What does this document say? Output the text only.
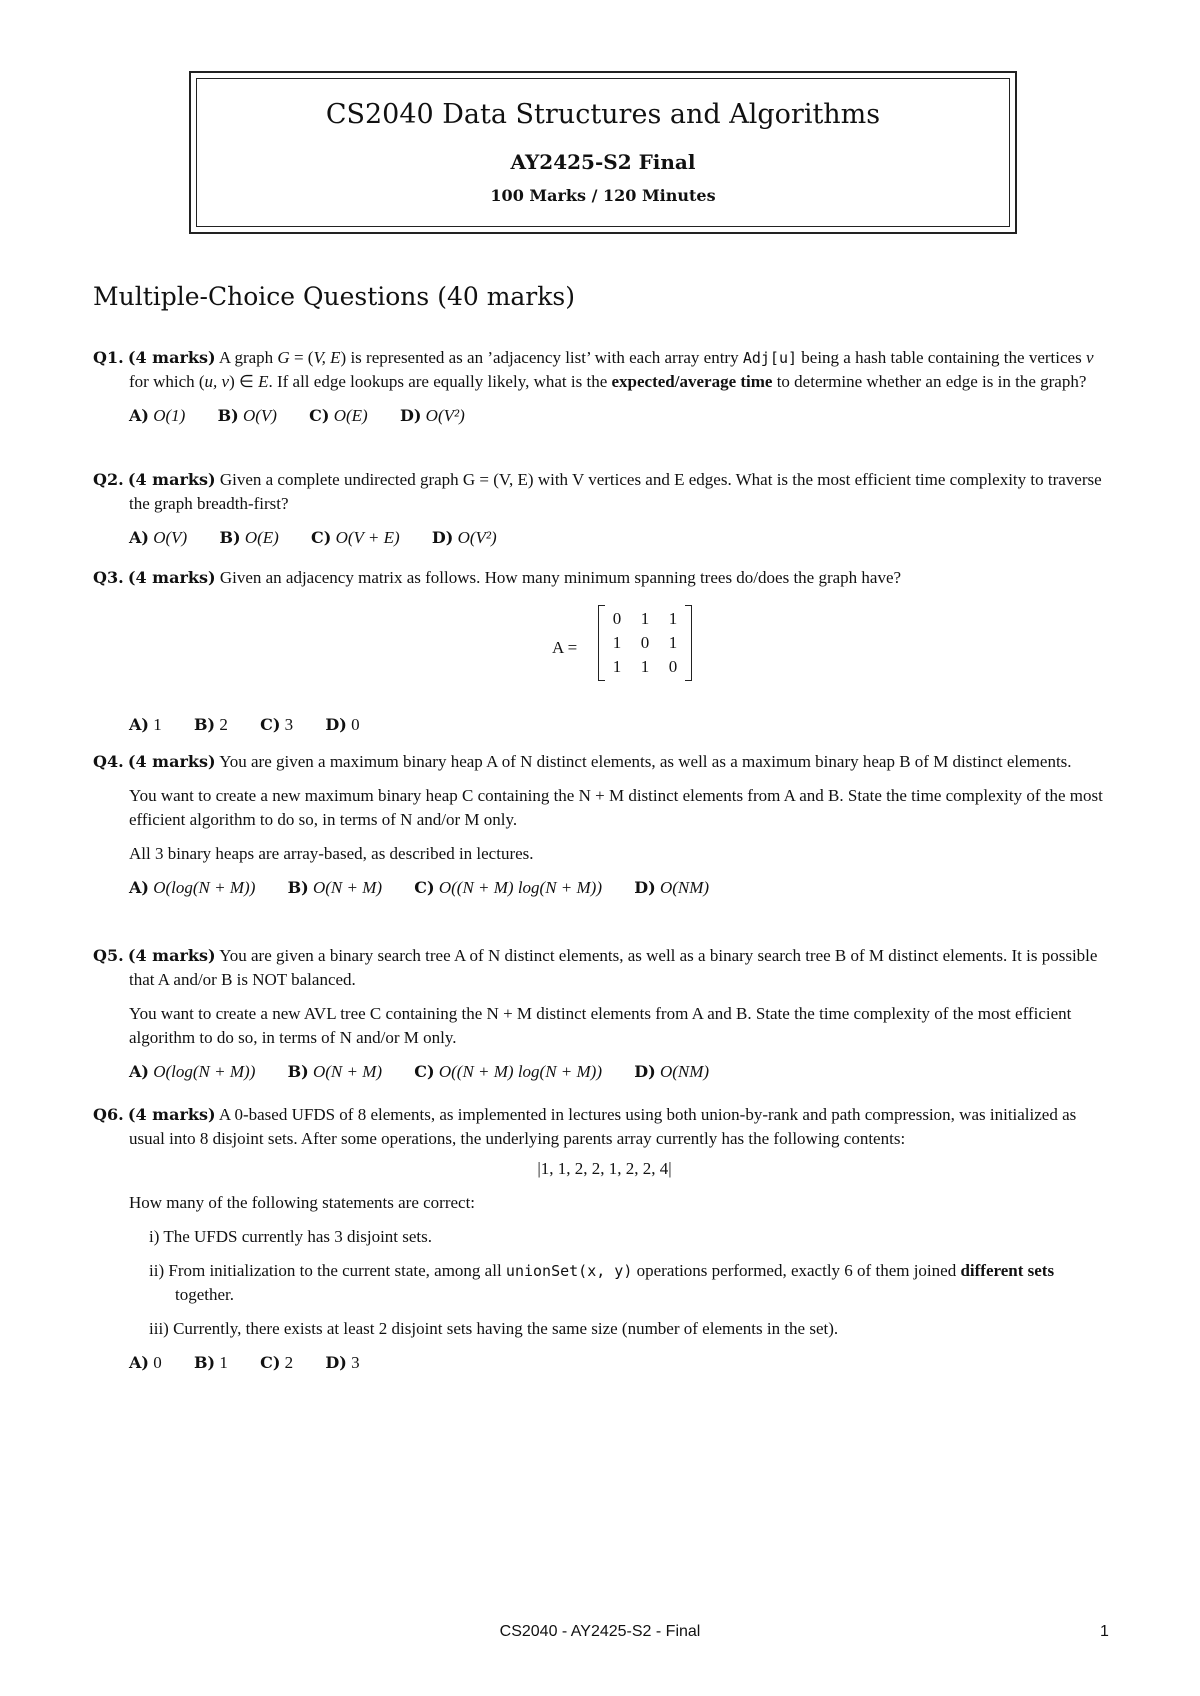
CS2040 Data Structures and Algorithms
AY2425-S2 Final
100 Marks / 120 Minutes
Multiple-Choice Questions (40 marks)
Q1. (4 marks) A graph G = (V, E) is represented as an ’adjacency list’ with each array entry Adj[u] being a hash table containing the vertices v for which (u, v) ∈ E. If all edge lookups are equally likely, what is the expected/average time to determine whether an edge is in the graph?
A) O(1) B) O(V) C) O(E) D) O(V²)
Q2. (4 marks) Given a complete undirected graph G = (V, E) with V vertices and E edges. What is the most efficient time complexity to traverse the graph breadth-first?
A) O(V) B) O(E) C) O(V + E) D) O(V²)
Q3. (4 marks) Given an adjacency matrix as follows. How many minimum spanning trees do/does the graph have?
A =
0	1	1
1	0	1
1	1	0
A) 1 B) 2 C) 3 D) 0
Q4. (4 marks) You are given a maximum binary heap A of N distinct elements, as well as a maximum binary heap B of M distinct elements.
You want to create a new maximum binary heap C containing the N + M distinct elements from A and B. State the time complexity of the most efficient algorithm to do so, in terms of N and/or M only.
All 3 binary heaps are array-based, as described in lectures.
A) O(log(N + M)) B) O(N + M) C) O((N + M) log(N + M)) D) O(NM)
Q5. (4 marks) You are given a binary search tree A of N distinct elements, as well as a binary search tree B of M distinct elements. It is possible that A and/or B is NOT balanced.
You want to create a new AVL tree C containing the N + M distinct elements from A and B. State the time complexity of the most efficient algorithm to do so, in terms of N and/or M only.
A) O(log(N + M)) B) O(N + M) C) O((N + M) log(N + M)) D) O(NM)
Q6. (4 marks) A 0-based UFDS of 8 elements, as implemented in lectures using both union-by-rank and path compression, was initialized as usual into 8 disjoint sets. After some operations, the underlying parents array currently has the following contents:
|1, 1, 2, 2, 1, 2, 2, 4|
How many of the following statements are correct:
i) The UFDS currently has 3 disjoint sets.
ii) From initialization to the current state, among all unionSet(x, y) operations performed, exactly 6 of them joined different sets together.
iii) Currently, there exists at least 2 disjoint sets having the same size (number of elements in the set).
A) 0 B) 1 C) 2 D) 3
CS2040 - AY2425-S2 - Final	1
